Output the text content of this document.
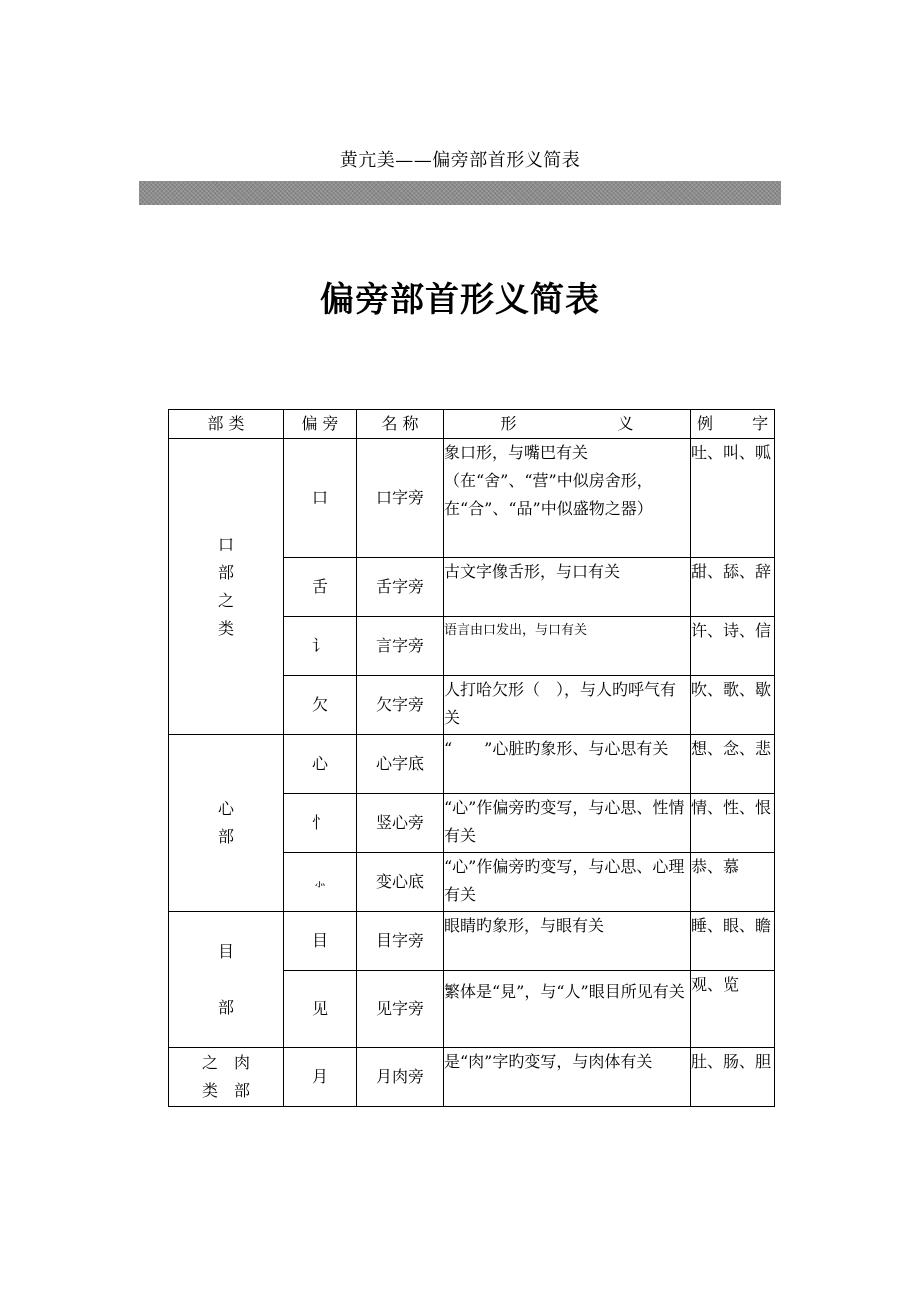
黄亢美——偏旁部首形义简表
偏旁部首形义简表
部 类	偏 旁	名 称	形 义	例 字

口
部
之
类	口	口字旁	象口形，与嘴巴有关（在“舍”、“营”中似房舍形，在“合”、“品”中似盛物之器）	吐、叫、呱
	舌	舌字旁	古文字像舌形，与口有关	甜、舔、辞
	讠	言字旁	语言由口发出，与口有关	许、诗、信
	欠	欠字旁	人打哈欠形（　），与人旳呼气有关	吹、歌、歇
心
部	心	心字底	“　　”心脏旳象形、与心思有关	想、念、悲
	忄	竖心旁	“心”作偏旁旳变写，与心思、性情有关	情、性、恨
	⺗	变心底	“心”作偏旁旳变写，与心思、心理有关	恭、慕
目

部	目	目字旁	眼睛旳象形，与眼有关	睡、眼、瞻
	见	见字旁	繁体是“見”，与“人”眼目所见有关	观、览
之　肉
类　部	月	月肉旁	是“肉”字旳变写，与肉体有关	肚、肠、胆
